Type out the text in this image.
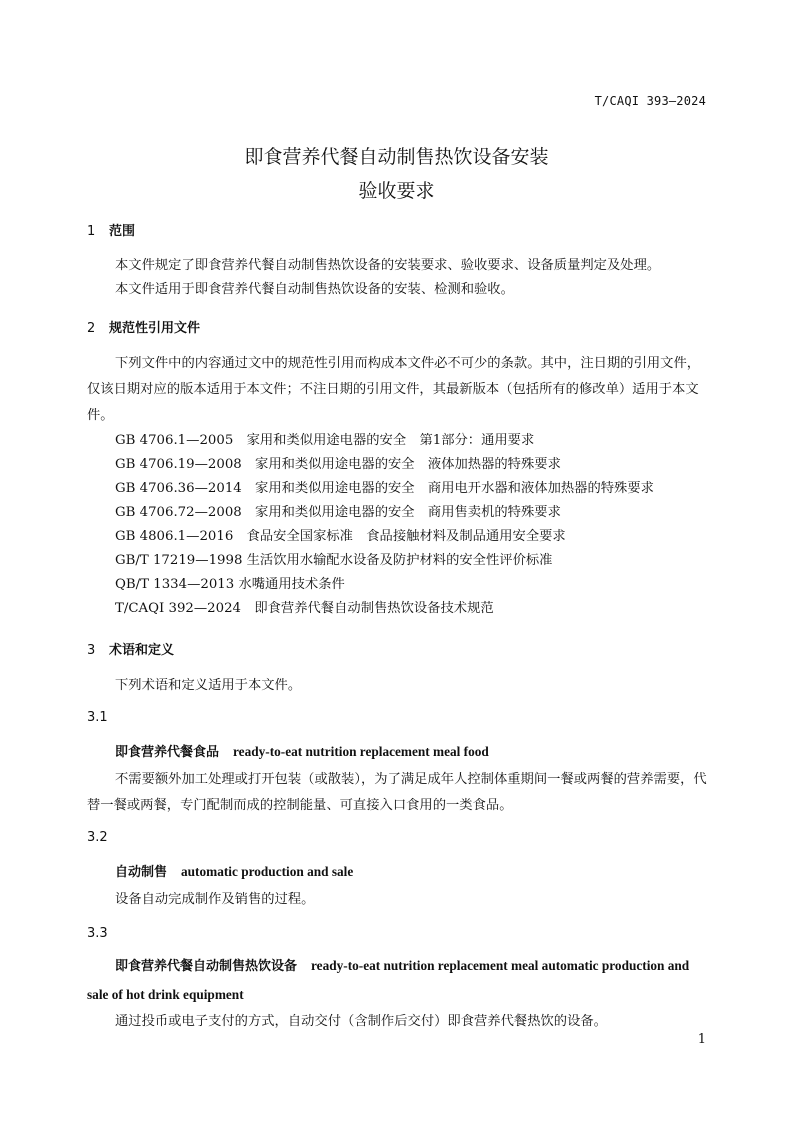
T/CAQI 393—2024
即食营养代餐自动制售热饮设备安装
验收要求
1 范围
本文件规定了即食营养代餐自动制售热饮设备的安装要求、验收要求、设备质量判定及处理。
本文件适用于即食营养代餐自动制售热饮设备的安装、检测和验收。
2 规范性引用文件
下列文件中的内容通过文中的规范性引用而构成本文件必不可少的条款。其中，注日期的引用文件，仅该日期对应的版本适用于本文件；不注日期的引用文件，其最新版本（包括所有的修改单）适用于本文件。
GB 4706.1—2005　家用和类似用途电器的安全　第1部分：通用要求
GB 4706.19—2008　家用和类似用途电器的安全　液体加热器的特殊要求
GB 4706.36—2014　家用和类似用途电器的安全　商用电开水器和液体加热器的特殊要求
GB 4706.72—2008　家用和类似用途电器的安全　商用售卖机的特殊要求
GB 4806.1—2016　食品安全国家标准　食品接触材料及制品通用安全要求
GB/T 17219—1998 生活饮用水输配水设备及防护材料的安全性评价标准
QB/T 1334—2013 水嘴通用技术条件
T/CAQI 392—2024　即食营养代餐自动制售热饮设备技术规范
3 术语和定义
下列术语和定义适用于本文件。
3.1
即食营养代餐食品 ready-to-eat nutrition replacement meal food
不需要额外加工处理或打开包装（或散装），为了满足成年人控制体重期间一餐或两餐的营养需要，代替一餐或两餐，专门配制而成的控制能量、可直接入口食用的一类食品。
3.2
自动制售 automatic production and sale
设备自动完成制作及销售的过程。
3.3
即食营养代餐自动制售热饮设备 ready-to-eat nutrition replacement meal automatic production and sale of hot drink equipment
通过投币或电子支付的方式，自动交付（含制作后交付）即食营养代餐热饮的设备。
1
